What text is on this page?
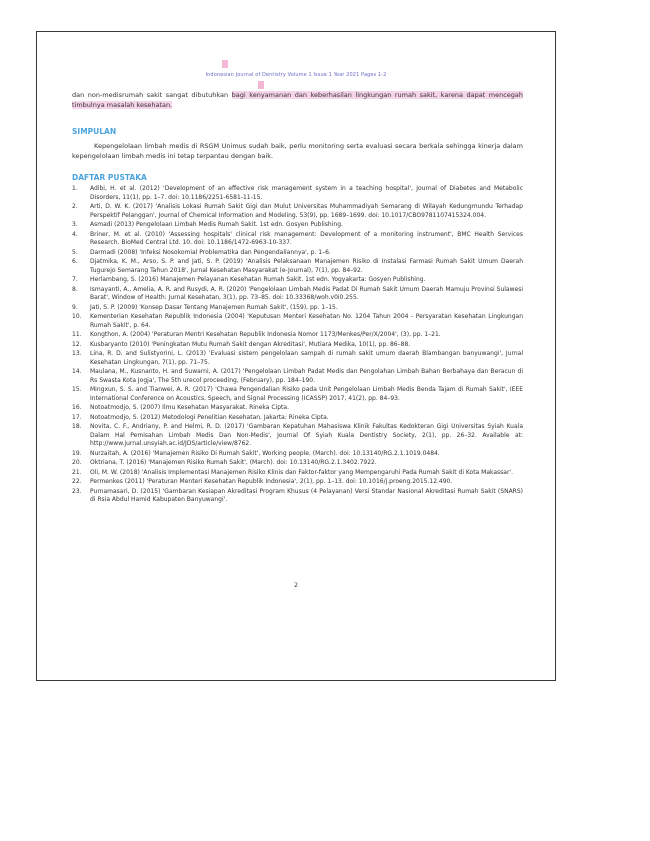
Indonesian Journal of Dentistry Volume 1 Issue 1 Year 2021 Pages 1-2
dan non-medisrumah sakit sangat dibutuhkan bagi kenyamanan dan keberhasilan lingkungan rumah sakit, karena dapat mencegah timbulnya masalah kesehatan.
SIMPULAN
Kepengelolaan limbah medis di RSGM Unimus sudah baik, perlu monitoring serta evaluasi secara berkala sehingga kinerja dalam kepengelolaan limbah medis ini tetap terpantau dengan baik.
DAFTAR PUSTAKA
1.	Adibi, H. et al. (2012) 'Development of an effective risk management system in a teaching hospital', Journal of Diabetes and Metabolic Disorders, 11(1), pp. 1–7. doi: 10.1186/2251-6581-11-15.
2.	Arti, D. W. K. (2017) 'Analisis Lokasi Rumah Sakit Gigi dan Mulut Universitas Muhammadiyah Semarang di Wilayah Kedungmundu Terhadap Perspektif Pelanggan', Journal of Chemical Information and Modeling, 53(9), pp. 1689–1699. doi: 10.1017/CBO9781107415324.004.
3.	Asmadi (2013) Pengelolaan Limbah Medis Rumah Sakit. 1st edn. Gosyen Publishing.
4.	Briner, M. et al. (2010) 'Assessing hospitals' clinical risk management: Development of a monitoring instrument', BMC Health Services Research. BioMed Central Ltd. 10. doi: 10.1186/1472-6963-10-337.
5.	Darmadi (2008) 'Infeksi Nosokomial Problematika dan Pengendaliannya', p. 1–6.
6.	Djatmika, K. M., Arso, S. P. and Jati, S. P. (2019) 'Analisis Pelaksanaan Manajemen Risiko di Instalasi Farmasi Rumah Sakit Umum Daerah Tugurejo Semarang Tahun 2018', Jurnal Kesehatan Masyarakat (e-Journal), 7(1), pp. 84–92.
7.	Herlambang, S. (2016) Manajemen Pelayanan Kesehatan Rumah Sakit. 1st edn. Yogyakarta: Gosyen Publishing.
8.	Ismayanti, A., Amelia, A. R. and Rusydi, A. R. (2020) 'Pengelolaan Limbah Medis Padat Di Rumah Sakit Umum Daerah Mamuju Provinsi Sulawesi Barat', Window of Health: Jurnal Kesehatan, 3(1), pp. 73–85. doi: 10.33368/woh.v0i0.255.
9.	Jati, S. P. (2009) 'Konsep Dasar Tentang Manajemen Rumah Sakit', (159), pp. 1–15.
10.	Kementerian Kesehatan Republik Indonesia (2004) 'Keputusan Menteri Kesehatan No. 1204 Tahun 2004 - Persyaratan Kesehatan Lingkungan Rumah Sakit', p. 64.
11.	Kongthon, A. (2004) 'Peraturan Mentri Kesehatan Republik Indonesia Nomor 1173/Menkes/Per/X/2004', (3), pp. 1–21.
12.	Kusbaryanto (2010) 'Peningkatan Mutu Rumah Sakit dengan Akreditasi', Mutiara Medika, 10(1), pp. 86–88.
13.	Lina, R. D. and Sulistyorini, L. (2013) 'Evaluasi sistem pengelolaan sampah di rumah sakit umum daerah Blambangan banyuwangi', Jurnal Kesehatan Lingkungan, 7(1), pp. 71–75.
14.	Maulana, M., Kusnanto, H. and Suwarni, A. (2017) 'Pengelolaan Limbah Padat Medis dan Pengolahan Limbah Bahan Berbahaya dan Beracun di Rs Swasta Kota Jogja', The 5th urecol proceeding, (February), pp. 184–190.
15.	Mingxun, S. S. and Tianwei, A. R. (2017) 'Chawa Pengendalian Risiko pada Unit Pengelolaan Limbah Medis Benda Tajam di Rumah Sakit', IEEE International Conference on Acoustics, Speech, and Signal Processing (ICASSP) 2017, 41(2), pp. 84–93.
16.	Notoatmodjo, S. (2007) Ilmu Kesehatan Masyarakat. Rineka Cipta.
17.	Notoatmodjo, S. (2012) Metodologi Penelitian Kesehatan. Jakarta: Rineka Cipta.
18.	Novita, C. F., Andriany, P. and Helmi, R. D. (2017) 'Gambaran Kepatuhan Mahasiswa Klinik Fakultas Kedokteran Gigi Universitas Syiah Kuala Dalam Hal Pemisahan Limbah Medis Dan Non-Medis', Journal Of Syiah Kuala Dentistry Society, 2(1), pp. 26–32. Available at: http://www.jurnal.unsyiah.ac.id/JDS/article/view/8762.
19.	Nurzaitah, A. (2016) 'Manajemen Risiko Di Rumah Sakit', Working people. (March). doi: 10.13140/RG.2.1.1019.0484.
20.	Oktriana, T. (2016) 'Manajemen Risiko Rumah Sakit', (March). doi: 10.13140/RG.2.1.3402.7922.
21.	Oli, M. W. (2018) 'Analisis Implementasi Manajemen Risiko Klinis dan Faktor-faktor yang Mempengaruhi Pada Rumah Sakit di Kota Makassar'.
22.	Permenkes (2011) 'Peraturan Menteri Kesehatan Republik Indonesia', 2(1), pp. 1–13. doi: 10.1016/j.proeng.2015.12.490.
23.	Purnamasari, D. (2015) 'Gambaran Kesiapan Akreditasi Program Khusus (4 Pelayanan) Versi Standar Nasional Akreditasi Rumah Sakit (SNARS) di Rsia Abdul Hamid Kabupaten Banyuwangi'.
2
